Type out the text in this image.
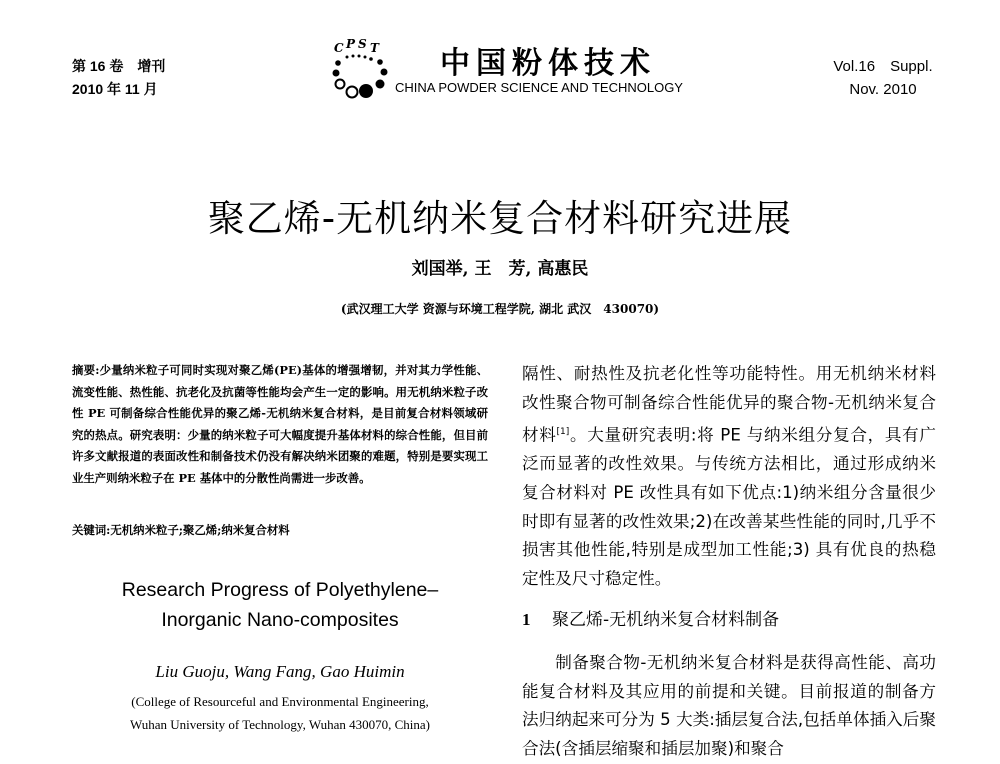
第 16 卷　增刊
2010 年 11 月
C P S T 中国粉体技术
CHINA POWDER SCIENCE AND TECHNOLOGY
Vol.16　Suppl.
Nov. 2010
聚乙烯-无机纳米复合材料研究进展
刘国举, 王　芳, 高惠民
(武汉理工大学 资源与环境工程学院, 湖北 武汉　430070)
摘要:少量纳米粒子可同时实现对聚乙烯(PE)基体的增强增韧，并对其力学性能、流变性能、热性能、抗老化及抗菌等性能均会产生一定的影响。用无机纳米粒子改性 PE 可制备综合性能优异的聚乙烯-无机纳米复合材料，是目前复合材料领域研究的热点。研究表明：少量的纳米粒子可大幅度提升基体材料的综合性能，但目前许多文献报道的表面改性和制备技术仍没有解决纳米团聚的难题，特别是要实现工业生产则纳米粒子在 PE 基体中的分散性尚需进一步改善。
关键词:无机纳米粒子;聚乙烯;纳米复合材料
Research Progress of Polyethylene–
Inorganic Nano-composites
Liu Guoju, Wang Fang, Gao Huimin
(College of Resourceful and Environmental Engineering,
Wuhan University of Technology, Wuhan 430070, China)

隔性、耐热性及抗老化性等功能特性。用无机纳米材料改性聚合物可制备综合性能优异的聚合物-无机纳米复合材料[1]。大量研究表明:将 PE 与纳米组分复合，具有广泛而显著的改性效果。与传统方法相比，通过形成纳米复合材料对 PE 改性具有如下优点:1)纳米组分含量很少时即有显著的改性效果;2)在改善某些性能的同时,几乎不损害其他性能,特别是成型加工性能;3) 具有优良的热稳定性及尺寸稳定性。

1 聚乙烯-无机纳米复合材料制备

制备聚合物-无机纳米复合材料是获得高性能、高功能复合材料及其应用的前提和关键。目前报道的制备方法归纳起来可分为 5 大类:插层复合法,包括单体插入后聚合法(含插层缩聚和插层加聚)和聚合
